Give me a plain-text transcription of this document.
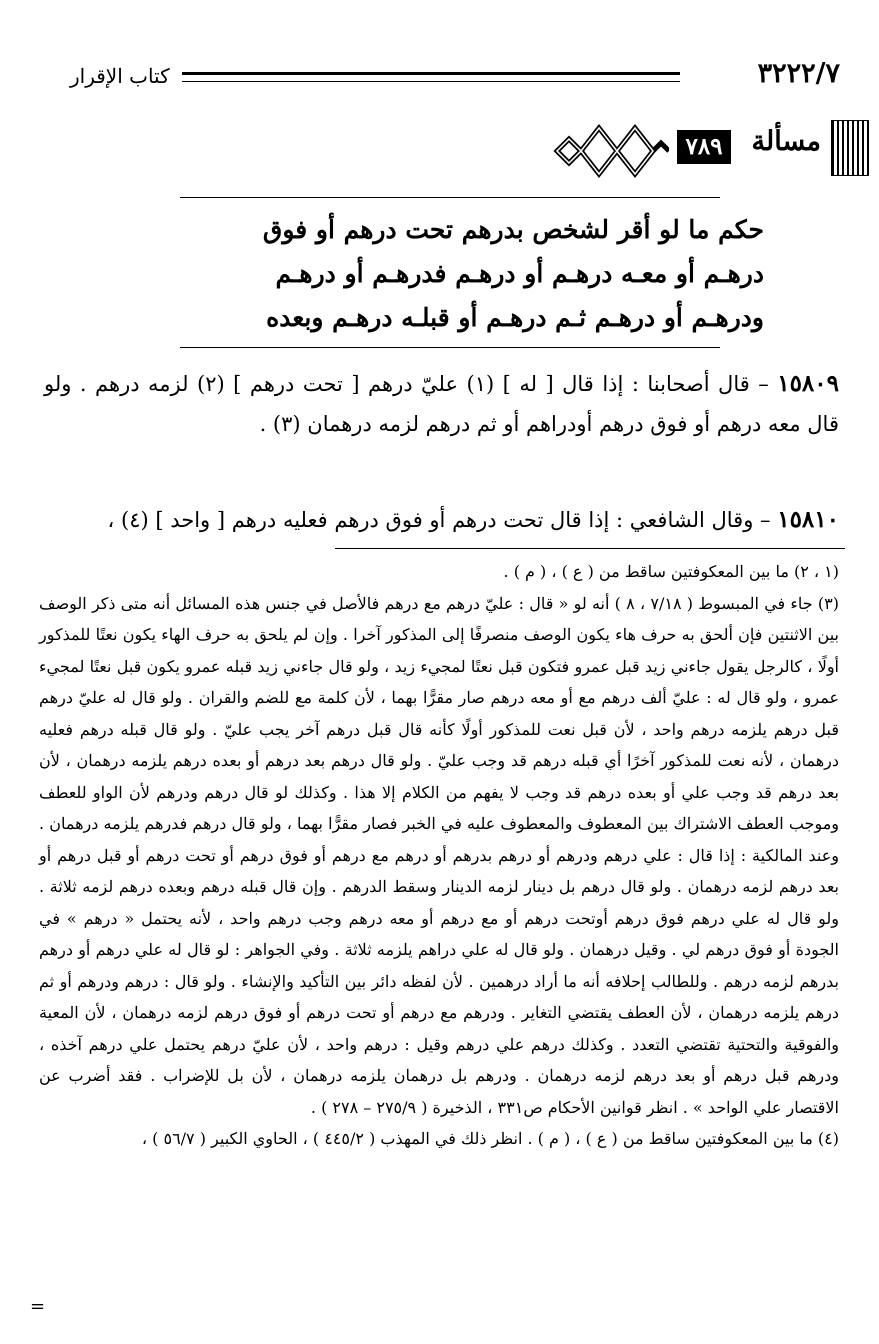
٣٢٢٢/٧
كتاب الإقرار
مسألة
٧٨٩
حكم ما لو أقر لشخص بدرهم تحت درهم أو فوق
درهـم أو معـه درهـم أو درهـم فدرهـم أو درهـم
ودرهـم أو درهـم ثـم درهـم أو قبلـه درهـم وبعده

١٥٨٠٩ – قال أصحابنا : إذا قال [ له ] (١) عليّ درهم [ تحت درهم ] (٢) لزمه درهم . ولو قال معه درهم أو فوق درهم أودراهم أو ثم درهم لزمه درهمان (٣) .

١٥٨١٠ – وقال الشافعي : إذا قال تحت درهم أو فوق درهم فعليه درهم [ واحد ] (٤) ،

(١ ، ٢) ما بين المعكوفتين ساقط من ( ع ) ، ( م ) .

(٣) جاء في المبسوط ( ٧/١٨ ، ٨ ) أنه لو « قال : عليّ درهم مع درهم فالأصل في جنس هذه المسائل أنه متى ذكر الوصف بين الاثنتين فإن ألحق به حرف هاء يكون الوصف منصرفًا إلى المذكور آخرا . وإن لم يلحق به حرف الهاء يكون نعتًا للمذكور أولًا ، كالرجل يقول جاءني زيد قبل عمرو فتكون قبل نعتًا لمجيء زيد ، ولو قال جاءني زيد قبله عمرو يكون قبل نعتًا لمجيء عمرو ، ولو قال له : عليّ ألف درهم مع أو معه درهم صار مقرًّا بهما ، لأن كلمة مع للضم والقران . ولو قال له عليّ درهم قبل درهم يلزمه درهم واحد ، لأن قبل نعت للمذكور أولًا كأنه قال قبل درهم آخر يجب عليّ . ولو قال قبله درهم فعليه درهمان ، لأنه نعت للمذكور آخرًا أي قبله درهم قد وجب عليّ . ولو قال درهم بعد درهم أو بعده درهم يلزمه درهمان ، لأن بعد درهم قد وجب علي أو بعده درهم قد وجب لا يفهم من الكلام إلا هذا . وكذلك لو قال درهم ودرهم لأن الواو للعطف وموجب العطف الاشتراك بين المعطوف والمعطوف عليه في الخبر فصار مقرًّا بهما ، ولو قال درهم فدرهم يلزمه درهمان . وعند المالكية : إذا قال : علي درهم ودرهم أو درهم بدرهم أو درهم مع درهم أو فوق درهم أو تحت درهم أو قبل درهم أو بعد درهم لزمه درهمان . ولو قال درهم بل دينار لزمه الدينار وسقط الدرهم . وإن قال قبله درهم وبعده درهم لزمه ثلاثة . ولو قال له علي درهم فوق درهم أوتحت درهم أو مع درهم أو معه درهم وجب درهم واحد ، لأنه يحتمل « درهم » في الجودة أو فوق درهم لي . وقيل درهمان . ولو قال له علي دراهم يلزمه ثلاثة . وفي الجواهر : لو قال له علي درهم أو درهم بدرهم لزمه درهم . وللطالب إحلافه أنه ما أراد درهمين . لأن لفظه دائر بين التأكيد والإنشاء . ولو قال : درهم ودرهم أو ثم درهم يلزمه درهمان ، لأن العطف يقتضي التغاير . ودرهم مع درهم أو تحت درهم أو فوق درهم لزمه درهمان ، لأن المعية والفوقية والتحتية تقتضي التعدد . وكذلك درهم علي درهم وقيل : درهم واحد ، لأن عليّ درهم يحتمل علي درهم آخذه ، ودرهم قبل درهم أو بعد درهم لزمه درهمان . ودرهم بل درهمان يلزمه درهمان ، لأن بل للإضراب . فقد أضرب عن الاقتصار علي الواحد » . انظر قوانين الأحكام ص٣٣١ ، الذخيرة ( ٢٧٥/٩ – ٢٧٨ ) .

(٤) ما بين المعكوفتين ساقط من ( ع ) ، ( م ) . انظر ذلك في المهذب ( ٤٤٥/٢ ) ، الحاوي الكبير ( ٥٦/٧ ) ،

=
